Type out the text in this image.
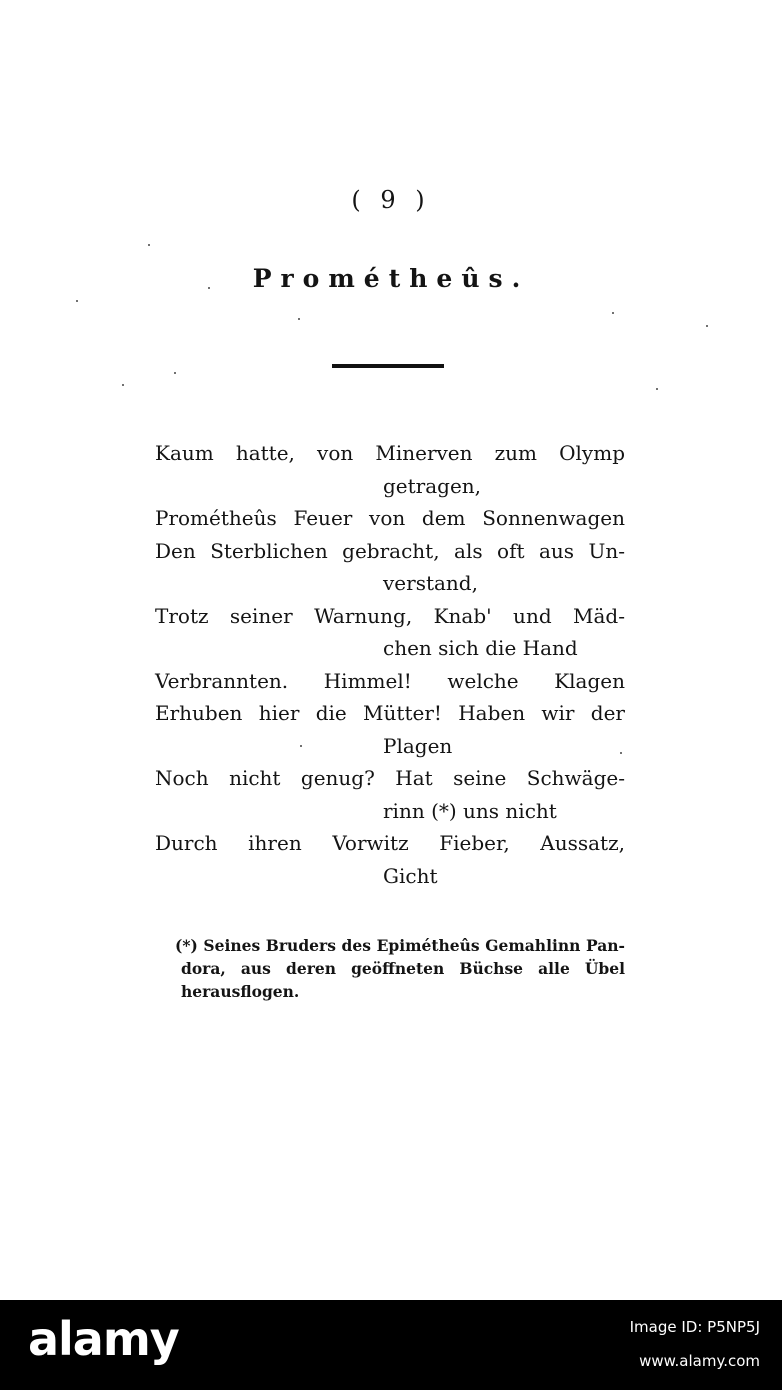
( 9 )
Prométheûs.
Kaum hatte, von Minerven zum Olymp
getragen,
Prométheûs Feuer von dem Sonnenwagen
Den Sterblichen gebracht, als oft aus Un-
verstand,
Trotz seiner Warnung, Knab' und Mäd-
chen sich die Hand
Verbrannten. Himmel! welche Klagen
Erhuben hier die Mütter! Haben wir der
Plagen
Noch nicht genug? Hat seine Schwäge-
rinn (*) uns nicht
Durch ihren Vorwitz Fieber, Aussatz,
Gicht
(*) Seines Bruders des Epimétheûs Gemahlinn Pan-
dora, aus deren geöffneten Büchse alle Übel
herausflogen.
alamy	Image ID: P5NP5J
www.alamy.com
